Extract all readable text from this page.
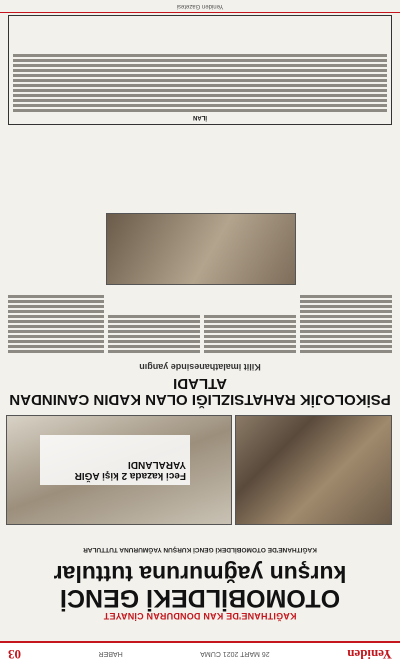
Yeniden
26 MART 2021 CUMA
HABER
03
KAĞITHANE'DE KAN DONDURAN CİNAYET
OTOMOBİLDEKİ GENCİ
kurşun yağmuruna tuttular
KAĞITHANE'DE OTOMOBİLDEKİ GENCİ KURŞUN YAĞMURUNA TUTTULAR
Feci kazada 2 kişi AĞIR YARALANDI
PSİKOLOJİK RAHATSIZLIĞI OLAN KADIN CANINDAN ATLADI
Kilit imalathanesinde yangın
İLAN
Yeniden Gazetesi
